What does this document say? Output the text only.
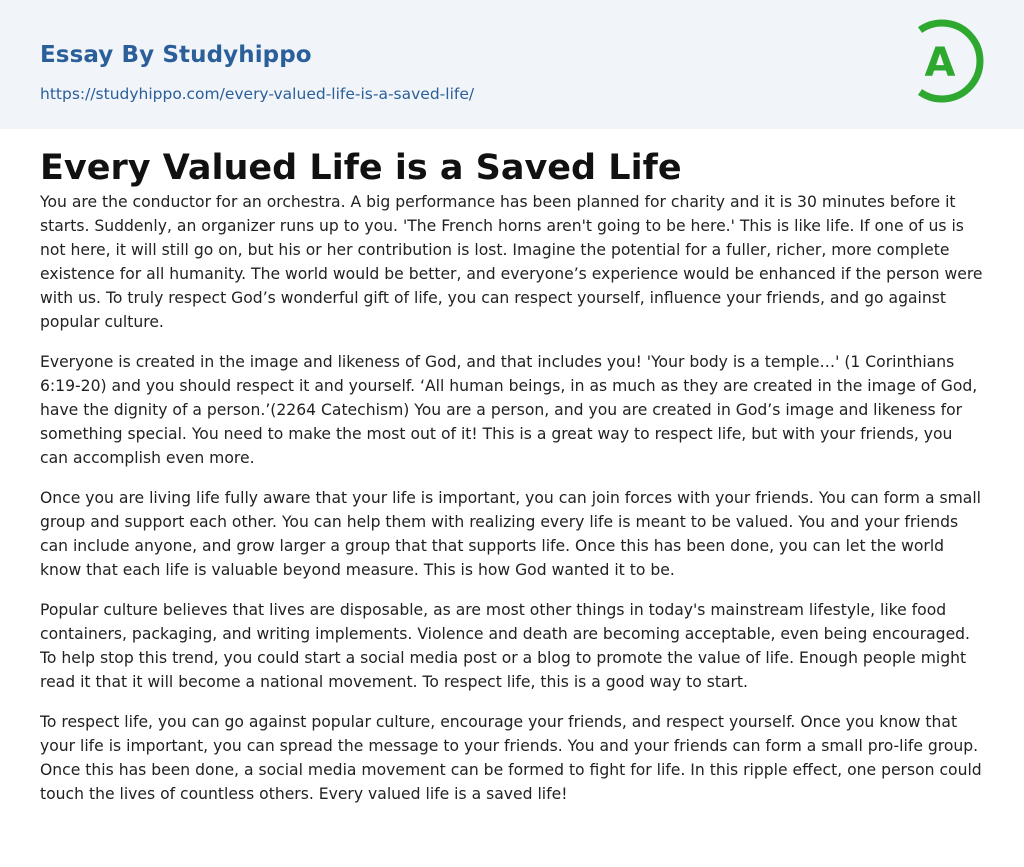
Essay By Studyhippo
https://studyhippo.com/every-valued-life-is-a-saved-life/
A
Every Valued Life is a Saved Life

You are the conductor for an orchestra. A big performance has been planned for charity and it is 30 minutes before it starts. Suddenly, an organizer runs up to you. 'The French horns aren't going to be here.' This is like life. If one of us is not here, it will still go on, but his or her contribution is lost. Imagine the potential for a fuller, richer, more complete existence for all humanity. The world would be better, and everyone’s experience would be enhanced if the person were with us. To truly respect God’s wonderful gift of life, you can respect yourself, influence your friends, and go against popular culture.

Everyone is created in the image and likeness of God, and that includes you! 'Your body is a temple…' (1 Corinthians 6:19-20) and you should respect it and yourself. ‘All human beings, in as much as they are created in the image of God, have the dignity of a person.’(2264 Catechism) You are a person, and you are created in God’s image and likeness for something special. You need to make the most out of it! This is a great way to respect life, but with your friends, you can accomplish even more.

Once you are living life fully aware that your life is important, you can join forces with your friends. You can form a small group and support each other. You can help them with realizing every life is meant to be valued. You and your friends can include anyone, and grow larger a group that that supports life. Once this has been done, you can let the world know that each life is valuable beyond measure. This is how God wanted it to be.

Popular culture believes that lives are disposable, as are most other things in today's mainstream lifestyle, like food containers, packaging, and writing implements. Violence and death are becoming acceptable, even being encouraged. To help stop this trend, you could start a social media post or a blog to promote the value of life. Enough people might read it that it will become a national movement. To respect life, this is a good way to start.

To respect life, you can go against popular culture, encourage your friends, and respect yourself. Once you know that your life is important, you can spread the message to your friends. You and your friends can form a small pro-life group. Once this has been done, a social media movement can be formed to fight for life. In this ripple effect, one person could touch the lives of countless others. Every valued life is a saved life!
